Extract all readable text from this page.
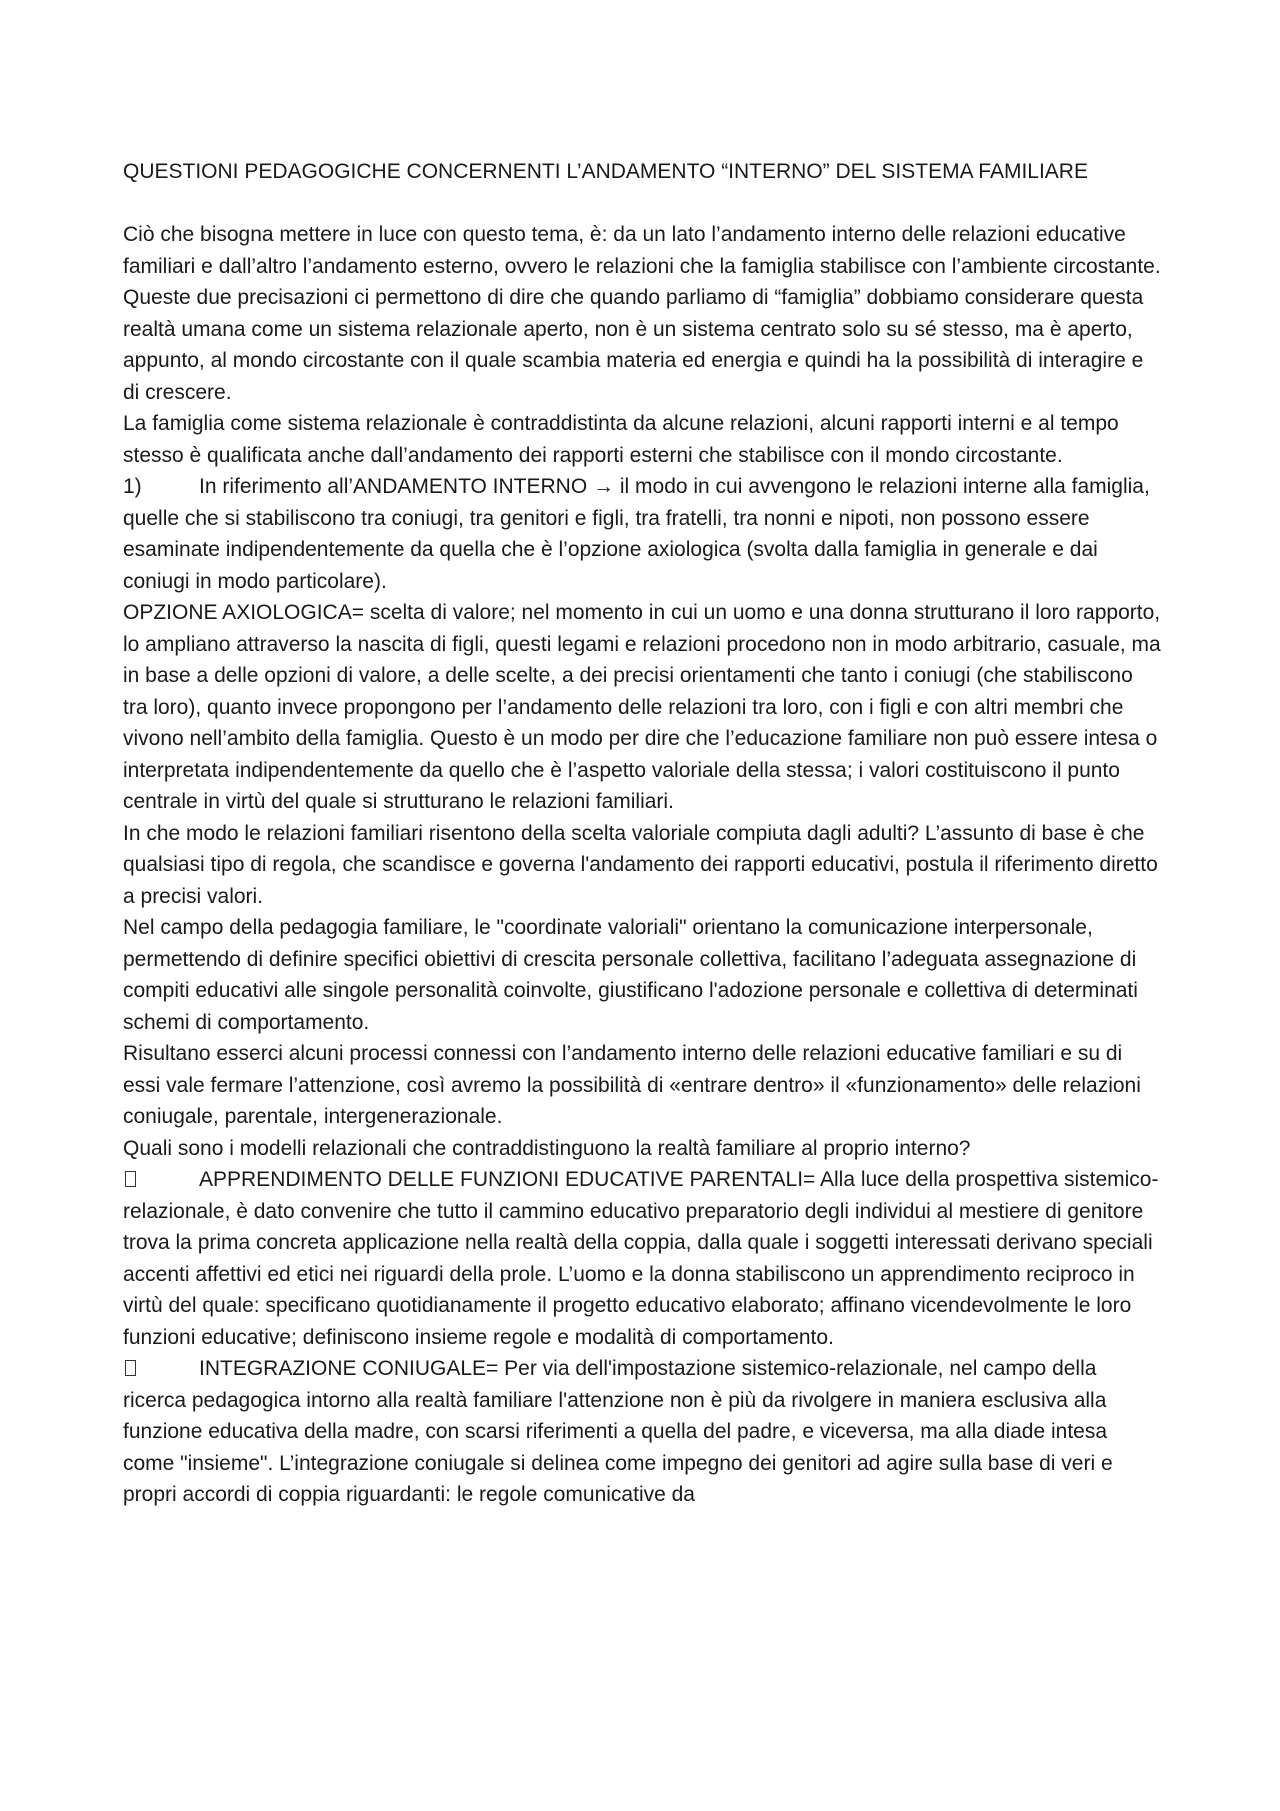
QUESTIONI PEDAGOGICHE CONCERNENTI L’ANDAMENTO “INTERNO” DEL SISTEMA FAMILIARE

Ciò che bisogna mettere in luce con questo tema, è: da un lato l’andamento interno delle relazioni educative familiari e dall’altro l’andamento esterno, ovvero le relazioni che la famiglia stabilisce con l’ambiente circostante.

Queste due precisazioni ci permettono di dire che quando parliamo di “famiglia” dobbiamo considerare questa realtà umana come un sistema relazionale aperto, non è un sistema centrato solo su sé stesso, ma è aperto, appunto, al mondo circostante con il quale scambia materia ed energia e quindi ha la possibilità di interagire e di crescere.

La famiglia come sistema relazionale è contraddistinta da alcune relazioni, alcuni rapporti interni e al tempo stesso è qualificata anche dall’andamento dei rapporti esterni che stabilisce con il mondo circostante.

1)	In riferimento all’ANDAMENTO INTERNO → il modo in cui avvengono le relazioni interne alla famiglia, quelle che si stabiliscono tra coniugi, tra genitori e figli, tra fratelli, tra nonni e nipoti, non possono essere esaminate indipendentemente da quella che è l’opzione axiologica (svolta dalla famiglia in generale e dai coniugi in modo particolare).

OPZIONE AXIOLOGICA= scelta di valore; nel momento in cui un uomo e una donna strutturano il loro rapporto, lo ampliano attraverso la nascita di figli, questi legami e relazioni procedono non in modo arbitrario, casuale, ma in base a delle opzioni di valore, a delle scelte, a dei precisi orientamenti che tanto i coniugi (che stabiliscono tra loro), quanto invece propongono per l’andamento delle relazioni tra loro, con i figli e con altri membri che vivono nell’ambito della famiglia. Questo è un modo per dire che l’educazione familiare non può essere intesa o interpretata indipendentemente da quello che è l’aspetto valoriale della stessa; i valori costituiscono il punto centrale in virtù del quale si strutturano le relazioni familiari.

In che modo le relazioni familiari risentono della scelta valoriale compiuta dagli adulti? L’assunto di base è che qualsiasi tipo di regola, che scandisce e governa l'andamento dei rapporti educativi, postula il riferimento diretto a precisi valori.

Nel campo della pedagogia familiare, le "coordinate valoriali" orientano la comunicazione interpersonale, permettendo di definire specifici obiettivi di crescita personale collettiva, facilitano l’adeguata assegnazione di compiti educativi alle singole personalità coinvolte, giustificano l'adozione personale e collettiva di determinati schemi di comportamento.

Risultano esserci alcuni processi connessi con l’andamento interno delle relazioni educative familiari e su di essi vale fermare l’attenzione, così avremo la possibilità di «entrare dentro» il «funzionamento» delle relazioni coniugale, parentale, intergenerazionale.

Quali sono i modelli relazionali che contraddistinguono la realtà familiare al proprio interno?

APPRENDIMENTO DELLE FUNZIONI EDUCATIVE PARENTALI= Alla luce della prospettiva sistemico-relazionale, è dato convenire che tutto il cammino educativo preparatorio degli individui al mestiere di genitore trova la prima concreta applicazione nella realtà della coppia, dalla quale i soggetti interessati derivano speciali accenti affettivi ed etici nei riguardi della prole. L’uomo e la donna stabiliscono un apprendimento reciproco in virtù del quale: specificano quotidianamente il progetto educativo elaborato; affinano vicendevolmente le loro funzioni educative; definiscono insieme regole e modalità di comportamento.

INTEGRAZIONE CONIUGALE= Per via dell'impostazione sistemico-relazionale, nel campo della ricerca pedagogica intorno alla realtà familiare l'attenzione non è più da rivolgere in maniera esclusiva alla funzione educativa della madre, con scarsi riferimenti a quella del padre, e viceversa, ma alla diade intesa come "insieme". L’integrazione coniugale si delinea come impegno dei genitori ad agire sulla base di veri e propri accordi di coppia riguardanti: le regole comunicative da
